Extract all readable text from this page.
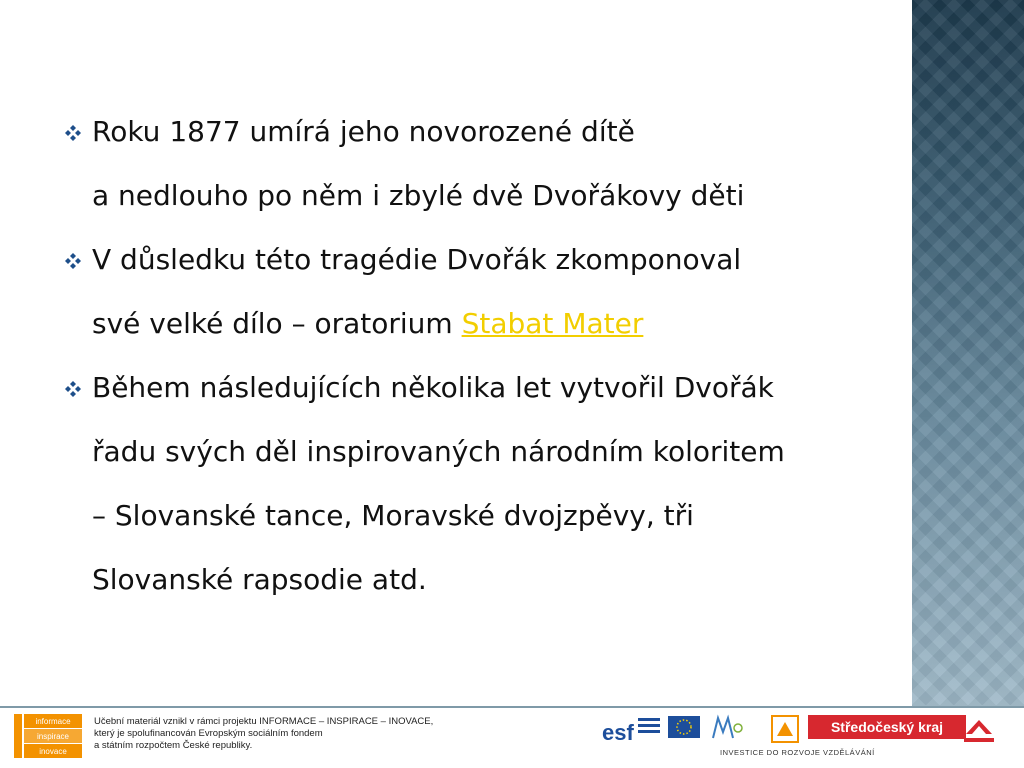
Roku 1877 umírá jeho novorozené dítě
a nedlouho po něm i zbylé dvě Dvořákovy děti
V důsledku této tragédie Dvořák zkomponoval
své velké dílo – oratorium Stabat Mater
Během následujících několika let vytvořil Dvořák
řadu svých děl inspirovaných národním koloritem
– Slovanské tance, Moravské dvojzpěvy, tři
Slovanské rapsodie atd.
informace
inspirace
inovace
Učební materiál vznikl v rámci projektu INFORMACE – INSPIRACE – INOVACE,
který je spolufinancován Evropským sociálním fondem
a státním rozpočtem České republiky.
esf	Středočeský kraj
INVESTICE DO ROZVOJE VZDĚLÁVÁNÍ
